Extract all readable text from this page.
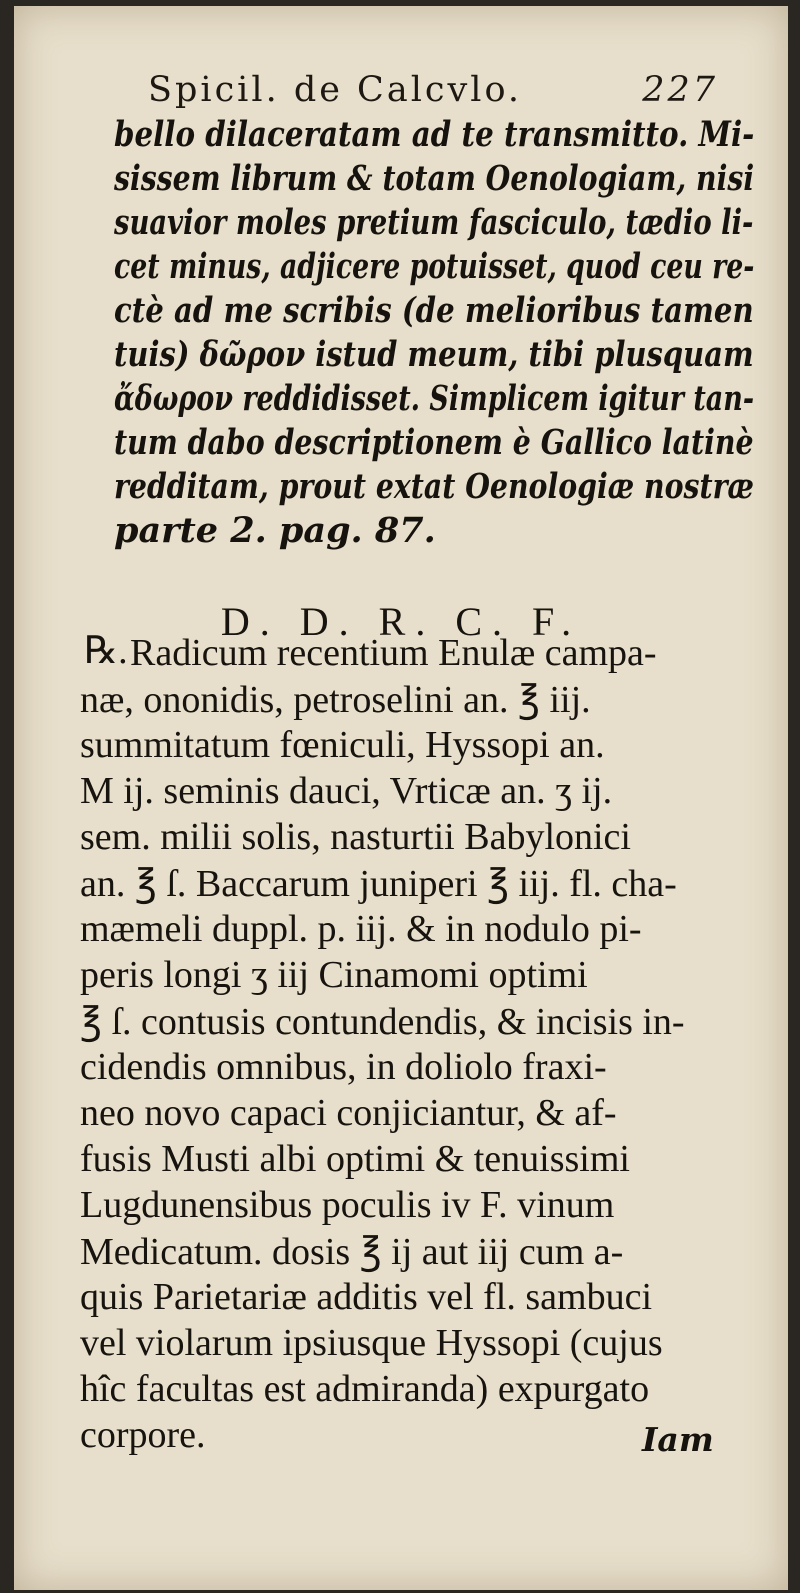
Spicil. de Calcvlo.	227
bello dilaceratam ad te transmitto. Mi-
sissem librum & totam Oenologiam, nisi
suavior moles pretium fasciculo, tædio li-
cet minus, adjicere potuisset, quod ceu re-
ctè ad me scribis (de melioribus tamen
tuis) δῶρον istud meum, tibi plusquam
ἄδωρον reddidisset. Simplicem igitur tan-
tum dabo descriptionem è Gallico latinè
redditam, prout extat Oenologiæ nostræ
parte 2. pag. 87.
D. D. R. C. F.
℞. Radicum recentium Enulæ campa-
næ, ononidis, petroselini an. ℥ iij.
summitatum fœniculi, Hyssopi an.
M ij. seminis dauci, Vrticæ an. ʒ ij.
sem. milii solis, nasturtii Babylonici
an. ℥ ſ. Baccarum juniperi ℥ iij. fl. cha-
mæmeli duppl. p. iij. & in nodulo pi-
peris longi ʒ iij Cinamomi optimi
℥ ſ. contusis contundendis, & incisis in-
cidendis omnibus, in doliolo fraxi-
neo novo capaci conjiciantur, & af-
fusis Musti albi optimi & tenuissimi
Lugdunensibus poculis iv F. vinum
Medicatum. dosis ℥ ij aut iij cum a-
quis Parietariæ additis vel fl. sambuci
vel violarum ipsiusque Hyssopi (cujus
hîc facultas est admiranda) expurgato
corpore.	Iam
